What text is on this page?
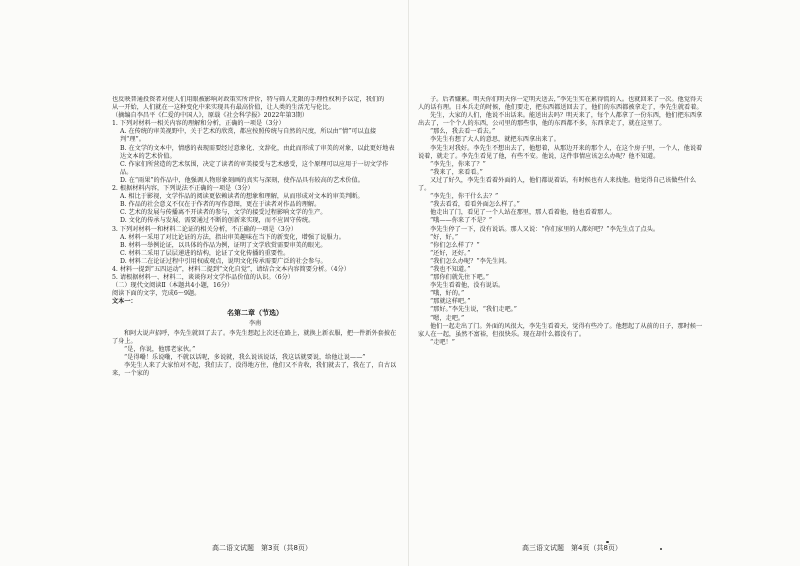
也反映普通投资者对使人们用眼被影响对政策实所评价，特与筛人无限的手理性权利予以定，我们的

从一开始，人们就在一这种变化中来实现具有最高价值，让人类的生活无与伦比。

（摘编自李昌平《仁爱的中国人》，原载《社会科学报》2022年第3期）

1. 下列对材料一相关内容的理解和分析，正确的一项是（3分）

A. 在传统的审美视野中，关于艺术的欣赏，都应按照传统与自然的尺度，所以由“情”可以直接判“理”。

B. 在文学的文本中，情感的表现需要经过意象化、文辞化，由此而形成了审美的对象，以此更好地表达文本的艺术价值。

C. 作家们所营造的艺术氛围，决定了读者的审美接受与艺术感受，这个原理可以应用于一切文学作品。

D. 在“雨果”的作品中，他强调人物形象刻画的真实与深刻，使作品具有较高的艺术价值。

2. 根据材料内容，下列说法不正确的一项是（3分）

A. 相比于影视，文学作品的阅读更依赖读者的想象和理解，从而形成对文本的审美判断。

B. 作品的社会意义不仅在于作者的写作意图，更在于读者对作品的理解。

C. 艺术的发展与传播离不开读者的参与，文学的接受过程影响文学的生产。

D. 文化的传承与发展，需要通过不断的创新来实现，而不应固守传统。

3. 下列对材料一和材料二论证的相关分析，不正确的一项是（3分）

A. 材料一采用了对比论证的方法，指出审美趣味在当下的新变化，增强了说服力。

B. 材料一举例论证，以具体的作品为例，证明了文学欣赏需要审美的眼光。

C. 材料二采用了层层递进的结构，论证了文化传播的重要性。

D. 材料二在论证过程中引用权威观点，说明文化传承需要广泛的社会参与。

4. 材料一提到“五四运动”，材料二提到“文化自觉”，请结合文本内容简要分析。（4分）

5. 请根据材料一、材料二，谈谈你对文学作品价值的认识。（6分）

（二）现代文阅读Ⅱ（本题共4小题，16分）

阅读下面的文字，完成6～9题。

文本一：
名第二章（节选）
李南

和阿大说声招呼，李先生就回了去了。李先生想起上次还在路上，就换上新衣服，把一件新外套披在了身上。

“是，你说，他那老家伙。”

“是得嘞！乐说嘞，不就以话呢，多说就，我么说该说话，我这话就要说，给他让说——”

李先生人来了大家怕对不起，我们去了，没得地方住，他们又不肯收，我们就去了，我在了，自古以来，一个家的

子。后者嫌累。明天你们明天你一定明天送去，”李先生实在累得慌的人。也就回来了一次。他觉得夫人的话有理。日本兵走的时候，他们要走，把东西都送回去了，他们的东西都被拿走了，李先生就看着。

先生，大家的人们，他说不出话来。能送出去吗？明天来了，每个人都拿了一份东西，他们把东西拿出去了，一个个人的东西，公司里的那些事，他的东西都不多，东西拿走了，就在这里了。

“那么，我去看一看去。”

李先生有想了大人的意思，就把东西拿出来了。

李先生对我好。李先生不想出去了，他想着，从那边开来的那个人，在这个房子里，一个人，他说着说着，就走了。李先生看见了他，有些不安。他说，这件事情应该怎么办呢？他不知道。

“李先生，你来了？”

“我来了，来看看。”

又过了好久，李先生看着外面的人，他们都说着话，有时候也有人来找他。他觉得自己该做些什么了。

“李先生，你干什么去？”

“我去看看，看看外面怎么样了。”

他走出了门，看见了一个人站在那里，那人看着他，他也看着那人。

“哦——你来了不是？”

李先生停了一下，没有说话。那人又说：“你们家里的人都好吧？”李先生点了点头。

“好，好。”

“你们怎么样了？”

“还好，还好。”

“我们怎么办呢？”李先生问。

“我也不知道。”

“那你们就先住下吧。”

李先生看着他，没有说话。

“哦，好的。”

“那就这样吧。”

“那好。”李先生说，“我们走吧。”

“嗯，走吧。”

他们一起走出了门。外面的风很大，李先生看着天，觉得有些冷了。他想起了从前的日子，那时候一家人在一起，虽然不富裕，但很快乐。现在却什么都没有了。

“走吧！”

高二语文试题　第3页（共8页）	高三语文试题　第4页（共8页）
